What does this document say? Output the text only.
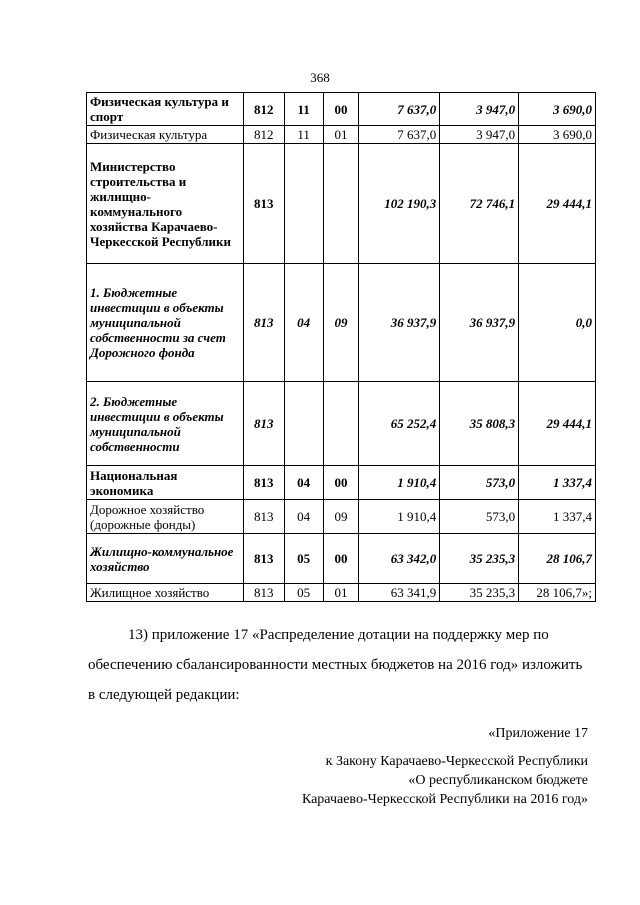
368
Физическая культура и спорт	812	11	00	7 637,0	3 947,0	3 690,0
Физическая культура	812	11	01	7 637,0	3 947,0	3 690,0
Министерство строительства и жилищно-коммунального хозяйства Карачаево-Черкесской Республики	813			102 190,3	72 746,1	29 444,1
1. Бюджетные инвестиции в объекты муниципальной собственности за счет Дорожного фонда	813	04	09	36 937,9	36 937,9	0,0
2. Бюджетные инвестиции в объекты муниципальной собственности	813			65 252,4	35 808,3	29 444,1
Национальная экономика	813	04	00	1 910,4	573,0	1 337,4
Дорожное хозяйство (дорожные фонды)	813	04	09	1 910,4	573,0	1 337,4
Жилищно-коммунальное хозяйство	813	05	00	63 342,0	35 235,3	28 106,7
Жилищное хозяйство	813	05	01	63 341,9	35 235,3	28 106,7»;
13) приложение 17 «Распределение дотации на поддержку мер по
обеспечению сбалансированности местных бюджетов на 2016 год» изложить
в следующей редакции:
«Приложение 17
к Закону Карачаево-Черкесской Республики
«О республиканском бюджете
Карачаево-Черкесской Республики на 2016 год»
